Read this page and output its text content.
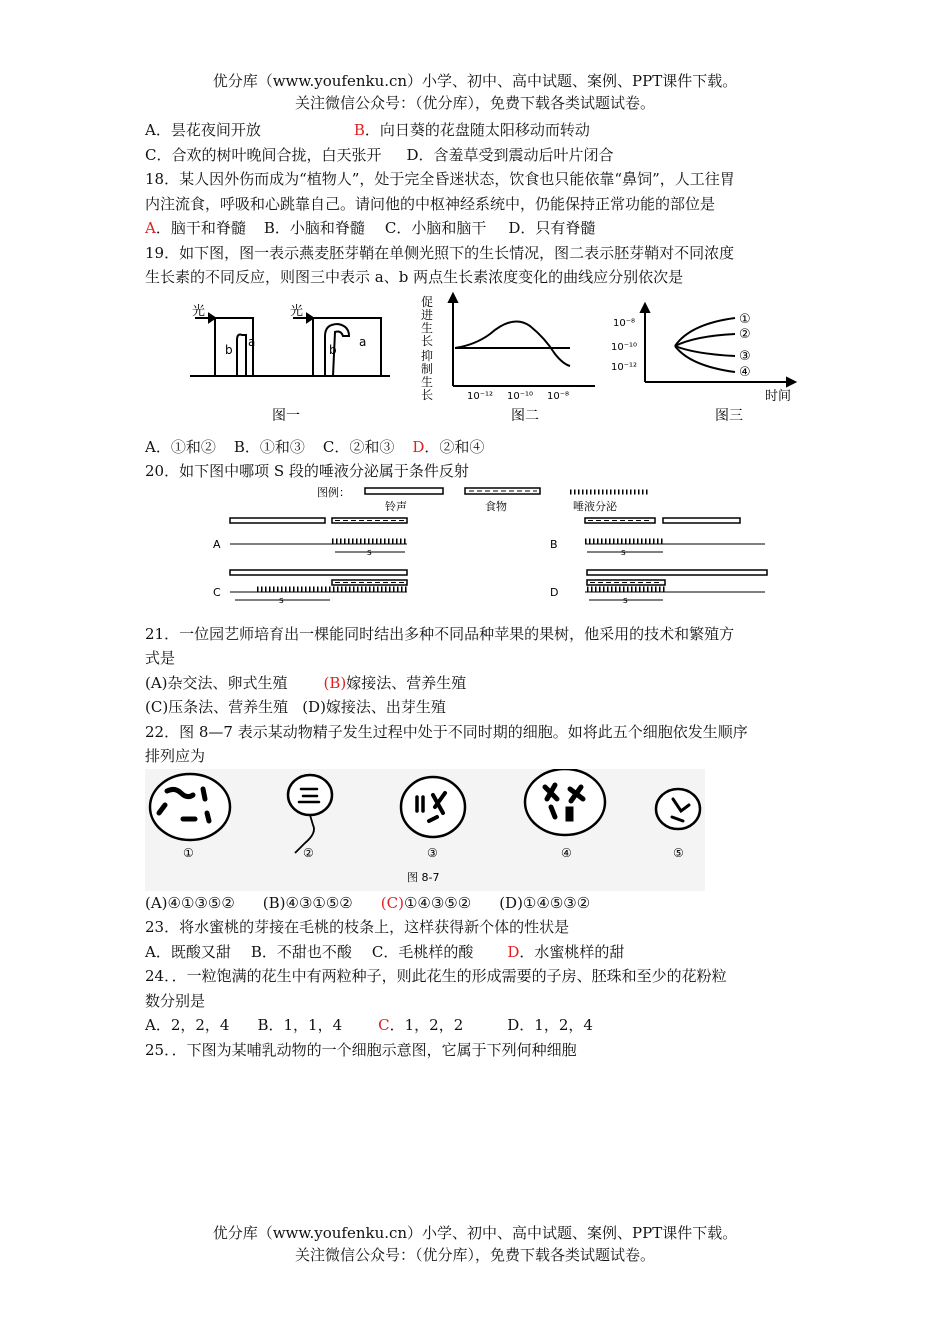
优分库（www.youfenku.cn）小学、初中、高中试题、案例、PPT课件下载。
关注微信公众号：（优分库），免费下载各类试题试卷。
A．昙花夜间开放	B．向日葵的花盘随太阳移动而转动
C．合欢的树叶晚间合拢，白天张开 D．含羞草受到震动后叶片闭合
18．某人因外伤而成为“植物人”，处于完全昏迷状态，饮食也只能依靠“鼻饲”，人工往胃
内注流食，呼吸和心跳靠自己。请问他的中枢神经系统中，仍能保持正常功能的部位是
A．脑干和脊髓 B．小脑和脊髓 C．小脑和脑干 D．只有脊髓
19．如下图，图一表示燕麦胚芽鞘在单侧光照下的生长情况，图二表示胚芽鞘对不同浓度
生长素的不同反应，则图三中表示 a、b 两点生长素浓度变化的曲线应分别依次是
光	光
b
a
b
a
图一
促进生长
抑制生长	10⁻¹² 10⁻¹⁰ 10⁻⁸
图二
10⁻⁸
10⁻¹⁰
10⁻¹²
①
②
③
④
时间
图三
A．①和② B．①和③ C．②和③ D．②和④
20．如下图中哪项 S 段的唾液分泌属于条件反射
图例：
铃声	食物	唾液分泌
A
s
B
s
C
s
D
s
21．一位园艺师培育出一棵能同时结出多种不同品种苹果的果树，他采用的技术和繁殖方
式是
(A)杂交法、卵式生殖 (B)嫁接法、营养生殖
(C)压条法、营养生殖 (D)嫁接法、出芽生殖
22．图 8—7 表示某动物精子发生过程中处于不同时期的细胞。如将此五个细胞依发生顺序
排列应为
①	②	③	④	⑤
图 8-7
(A)④①③⑤② (B)④③①⑤② (C)①④③⑤② (D)①④⑤③②
23．将水蜜桃的芽接在毛桃的枝条上，这样获得新个体的性状是
A．既酸又甜 B．不甜也不酸 C．毛桃样的酸 D．水蜜桃样的甜
24．．一粒饱满的花生中有两粒种子，则此花生的形成需要的子房、胚珠和至少的花粉粒
数分别是
A．2，2，4 B．1，1，4 C．1，2，2	D．1，2，4
25．．下图为某哺乳动物的一个细胞示意图，它属于下列何种细胞
优分库（www.youfenku.cn）小学、初中、高中试题、案例、PPT课件下载。
关注微信公众号：（优分库），免费下载各类试题试卷。
